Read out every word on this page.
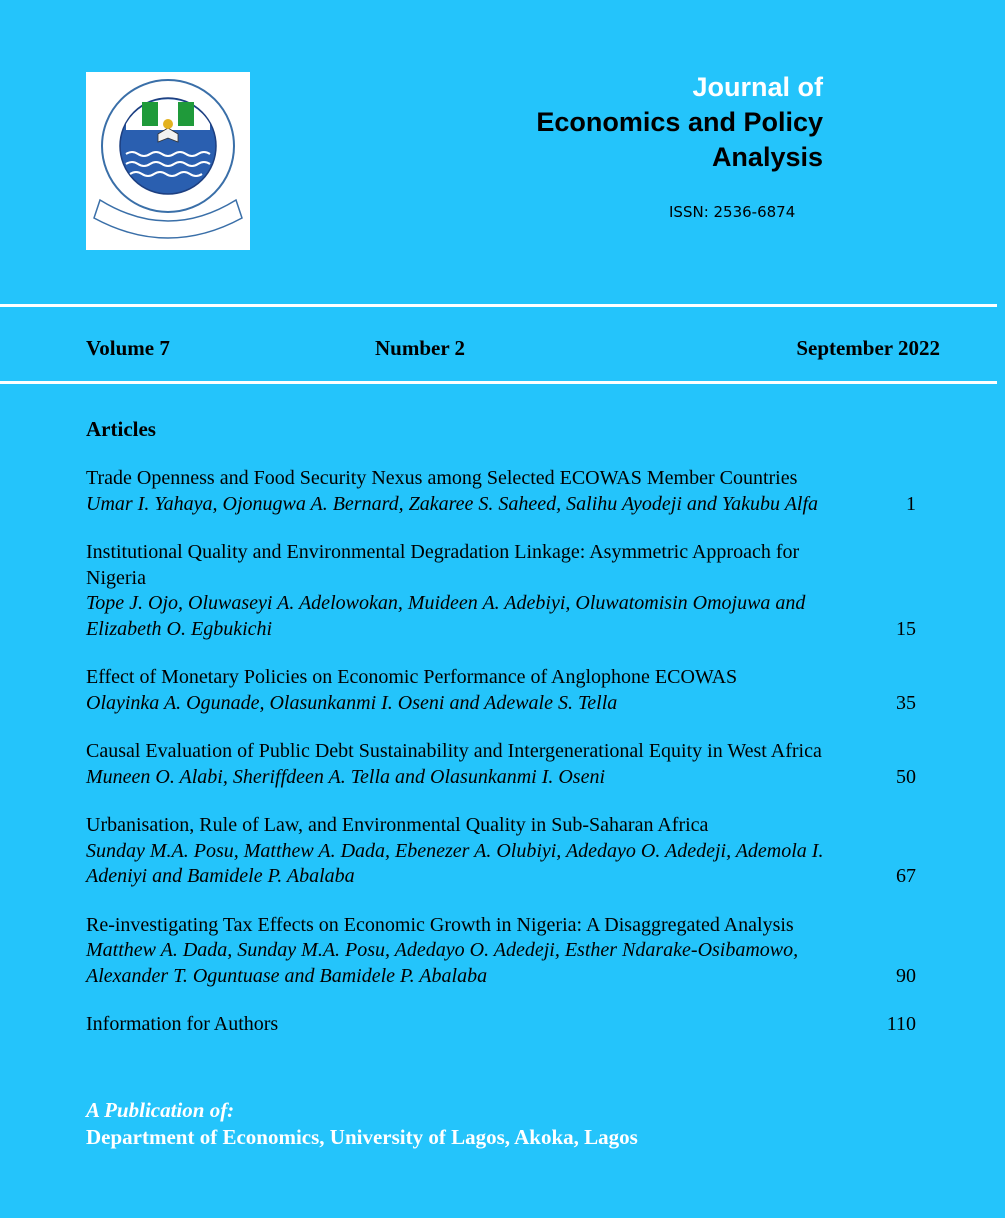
Journal of
Economics and Policy
Analysis
ISSN: 2536-6874
Volume 7	Number 2	September 2022
Articles
Trade Openness and Food Security Nexus among Selected ECOWAS Member Countries
Umar I. Yahaya, Ojonugwa A. Bernard, Zakaree S. Saheed, Salihu Ayodeji and Yakubu Alfa	1
Institutional Quality and Environmental Degradation Linkage: Asymmetric Approach for Nigeria
Tope J. Ojo, Oluwaseyi A. Adelowokan, Muideen A. Adebiyi, Oluwatomisin Omojuwa and Elizabeth O. Egbukichi	15
Effect of Monetary Policies on Economic Performance of Anglophone ECOWAS
Olayinka A. Ogunade, Olasunkanmi I. Oseni and Adewale S. Tella	35
Causal Evaluation of Public Debt Sustainability and Intergenerational Equity in West Africa
Muneen O. Alabi, Sheriffdeen A. Tella and Olasunkanmi I. Oseni	50
Urbanisation, Rule of Law, and Environmental Quality in Sub-Saharan Africa
Sunday M.A. Posu, Matthew A. Dada, Ebenezer A. Olubiyi, Adedayo O. Adedeji, Ademola I. Adeniyi and Bamidele P. Abalaba	67
Re-investigating Tax Effects on Economic Growth in Nigeria: A Disaggregated Analysis
Matthew A. Dada, Sunday M.A. Posu, Adedayo O. Adedeji, Esther Ndarake-Osibamowo, Alexander T. Oguntuase and Bamidele P. Abalaba	90
Information for Authors	110
A Publication of:
Department of Economics, University of Lagos, Akoka, Lagos
